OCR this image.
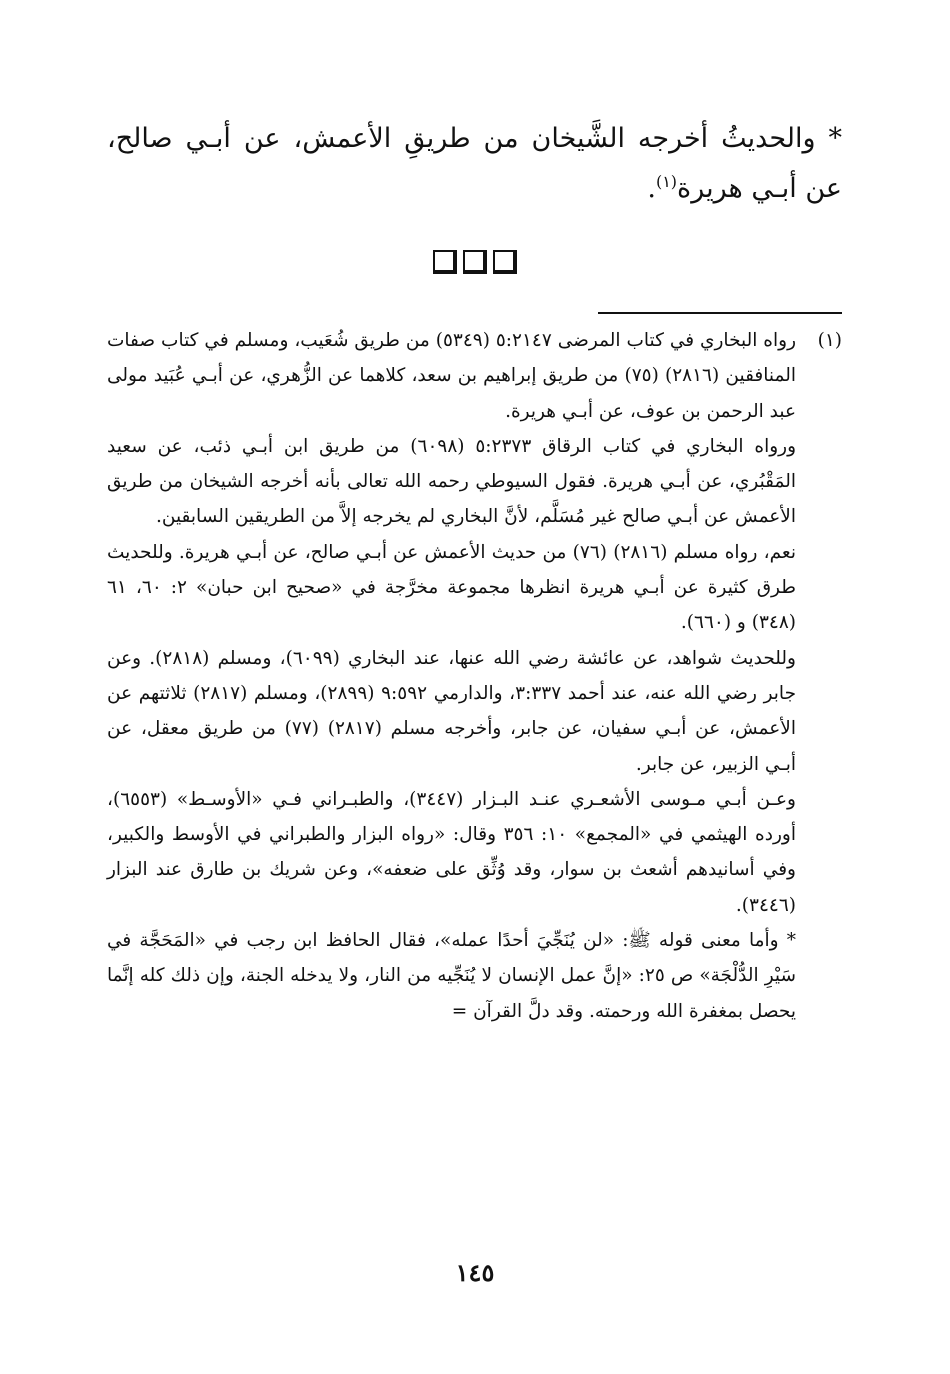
* والحديثُ أخرجه الشَّيخان من طريقِ الأعمش، عن أبـي صالح، عن أبـي هريرة$^{(١)}$.

(١)

رواه البخاري في كتاب المرضى ٥:٢١٤٧ (٥٣٤٩) من طريق شُعَيب، ومسلم في كتاب صفات المنافقين (٢٨١٦) (٧٥) من طريق إبراهيم بن سعد، كلاهما عن الزُّهري، عن أبـي عُبَيد مولى عبد الرحمن بن عوف، عن أبـي هريرة.

ورواه البخاري في كتاب الرقاق ٥:٢٣٧٣ (٦٠٩٨) من طريق ابن أبـي ذئب، عن سعيد المَقْبُري، عن أبـي هريرة. فقول السيوطي رحمه الله تعالى بأنه أخرجه الشيخان من طريق الأعمش عن أبـي صالح غير مُسَلَّم، لأنَّ البخاري لم يخرجه إلاَّ من الطريقين السابقين.

نعم، رواه مسلم (٢٨١٦) (٧٦) من حديث الأعمش عن أبـي صالح، عن أبـي هريرة. وللحديث طرق كثيرة عن أبـي هريرة انظرها مجموعة مخرَّجة في «صحيح ابن حبان» ٢: ٦٠، ٦١ (٣٤٨) و (٦٦٠).

وللحديث شواهد، عن عائشة رضي الله عنها، عند البخاري (٦٠٩٩)، ومسلم (٢٨١٨). وعن جابر رضي الله عنه، عند أحمد ٣:٣٣٧، والدارمي ٩:٥٩٢ (٢٨٩٩)، ومسلم (٢٨١٧) ثلاثتهم عن الأعمش، عن أبـي سفيان، عن جابر، وأخرجه مسلم (٢٨١٧) (٧٧) من طريق معقل، عن أبـي الزبير، عن جابر.

وعـن أبـي مـوسى الأشعـري عنـد البـزار (٣٤٤٧)، والطبـراني فـي «الأوسـط» (٦٥٥٣)، أورده الهيثمي في «المجمع» ١٠: ٣٥٦ وقال: «رواه البزار والطبراني في الأوسط والكبير، وفي أسانيدهم أشعث بن سوار، وقد وُثِّق على ضعفه»، وعن شريك بن طارق عند البزار (٣٤٤٦).

* وأما معنى قوله ﷺ: «لن يُنَجِّيَ أحدًا عمله»، فقال الحافظ ابن رجب في «المَحَجَّة في سَيْرِ الدُّلْجَة» ص ٢٥: «إنَّ عمل الإنسان لا يُنَجِّيه من النار، ولا يدخله الجنة، وإن ذلك كله إنَّما يحصل بمغفرة الله ورحمته. وقد دلَّ القرآن =

١٤٥
